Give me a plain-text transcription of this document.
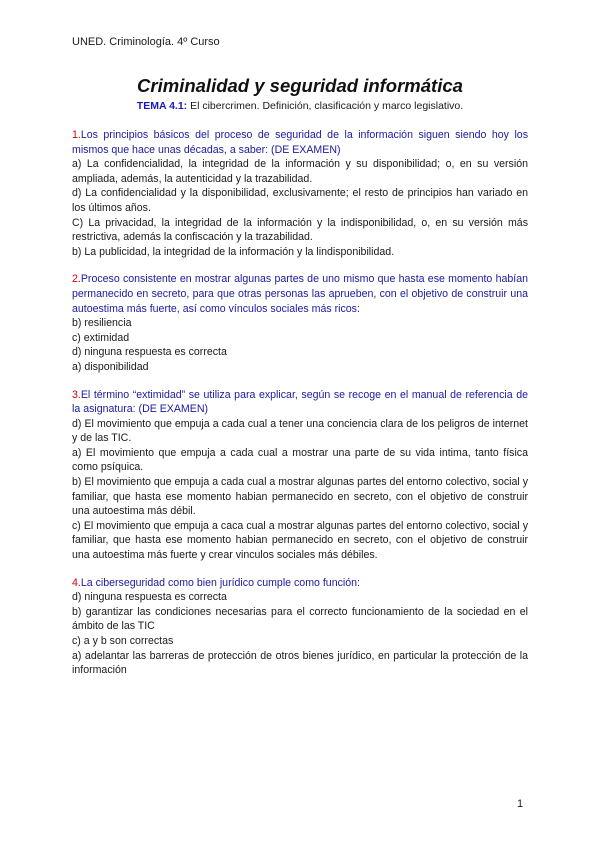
UNED. Criminología. 4º Curso
Criminalidad y seguridad informática
TEMA 4.1: El cibercrimen. Definición, clasificación y marco legislativo.

1.Los principios básicos del proceso de seguridad de la información siguen siendo hoy los mismos que hace unas décadas, a saber: (DE EXAMEN)

a) La confidencialidad, la integridad de la información y su disponibilidad; o, en su versión ampliada, además, la autenticidad y la trazabilidad.

d) La confidencialidad y la disponibilidad, exclusivamente; el resto de principios han variado en los últimos años.

C) La privacidad, la integridad de la información y la indisponibilidad, o, en su versión más restrictiva, además la confiscación y la trazabilidad.

b) La publicidad, la integridad de la información y la lindisponibilidad.

2.Proceso consistente en mostrar algunas partes de uno mismo que hasta ese momento habían permanecido en secreto, para que otras personas las aprueben, con el objetivo de construir una autoestima más fuerte, así como vínculos sociales más ricos:

b) resiliencia

c) extimidad

d) ninguna respuesta es correcta

a) disponibilidad

3.El término “extimidad” se utiliza para explicar, según se recoge en el manual de referencia de la asignatura: (DE EXAMEN)

d) El movimiento que empuja a cada cual a tener una conciencia clara de los peligros de internet y de las TIC.

a) El movimiento que empuja a cada cual a mostrar una parte de su vida intima, tanto física como psíquica.

b) El movimiento que empuja a cada cual a mostrar algunas partes del entorno colectivo, social y familiar, que hasta ese momento habian permanecido en secreto, con el objetivo de construir una autoestima más débil.

c) El movimiento que empuja a caca cual a mostrar algunas partes del entorno colectivo, social y familiar, que hasta ese momento habian permanecido en secreto, con el objetivo de construir una autoestima más fuerte y crear vinculos sociales más débiles.

4.La ciberseguridad como bien jurídico cumple como función:

d) ninguna respuesta es correcta

b) garantizar las condiciones necesarias para el correcto funcionamiento de la sociedad en el ámbito de las TIC

c) a y b son correctas

a) adelantar las barreras de protección de otros bienes jurídico, en particular la protección de la información

1
